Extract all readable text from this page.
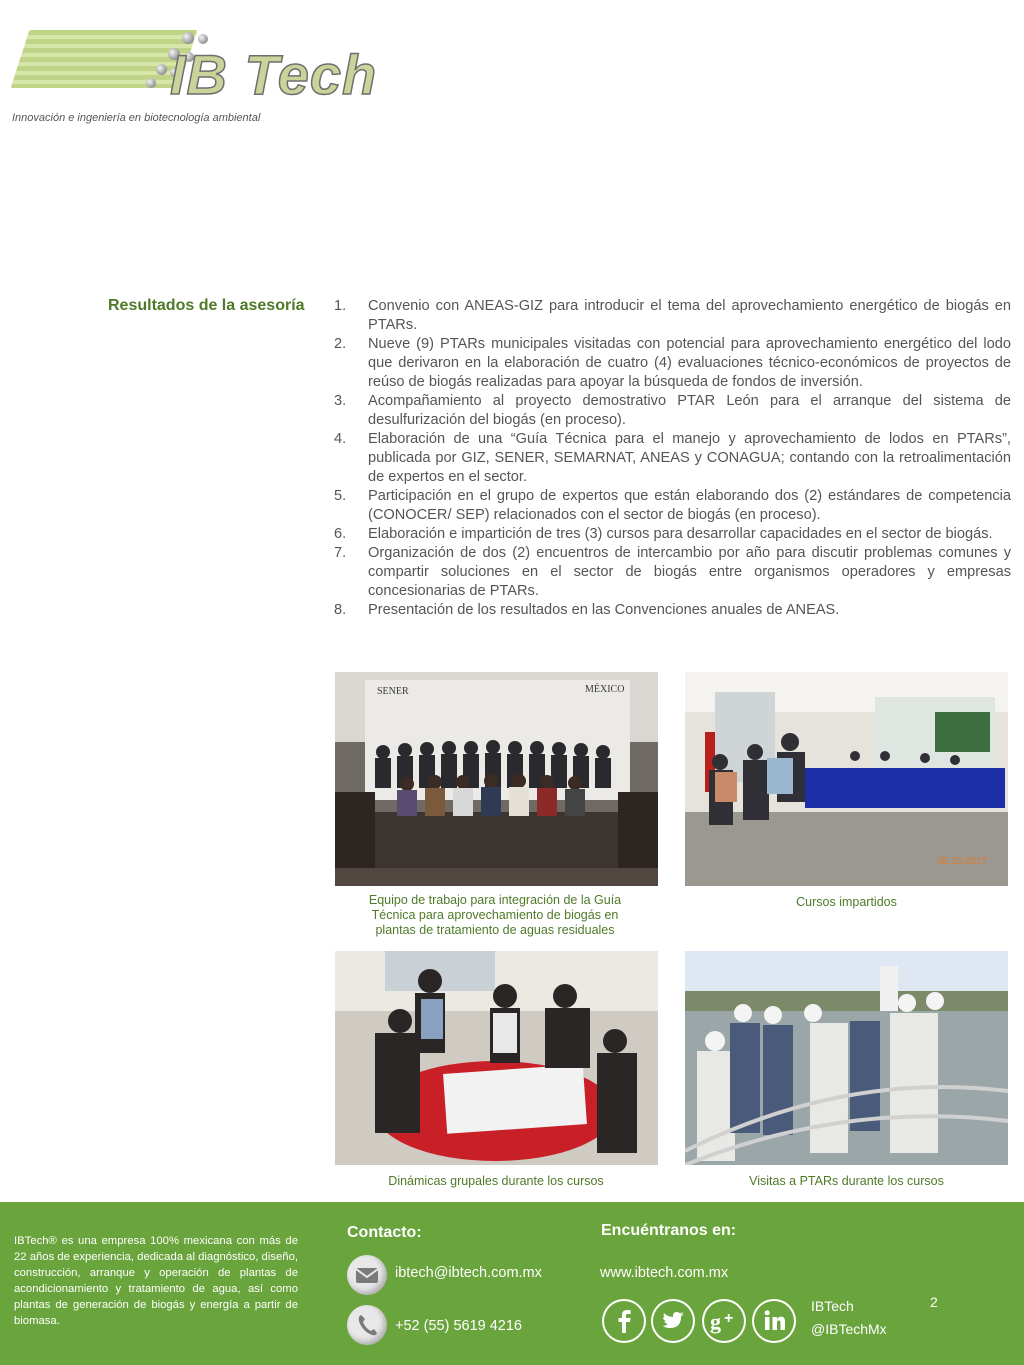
IB Tech
Innovación e ingeniería en biotecnología ambiental
Resultados de la asesoría 1. Convenio con ANEAS-GIZ para introducir el tema del aprovechamiento energético de biogás en PTARs.
2. Nueve (9) PTARs municipales visitadas con potencial para aprovechamiento energético del lodo que derivaron en la elaboración de cuatro (4) evaluaciones técnico-económicos de proyectos de reúso de biogás realizadas para apoyar la búsqueda de fondos de inversión.
3. Acompañamiento al proyecto demostrativo PTAR León para el arranque del sistema de desulfurización del biogás (en proceso).
4. Elaboración de una “Guía Técnica para el manejo y aprovechamiento de lodos en PTARs”, publicada por GIZ, SENER, SEMARNAT, ANEAS y CONAGUA; contando con la retroalimentación de expertos en el sector.
5. Participación en el grupo de expertos que están elaborando dos (2) estándares de competencia (CONOCER/ SEP) relacionados con el sector de biogás (en proceso).
6. Elaboración e impartición de tres (3) cursos para desarrollar capacidades en el sector de biogás.
7. Organización de dos (2) encuentros de intercambio por año para discutir problemas comunes y compartir soluciones en el sector de biogás entre organismos operadores y empresas concesionarias de PTARs.
8. Presentación de los resultados en las Convenciones anuales de ANEAS.
SENER	MÉXICO
Equipo de trabajo para integración de la Guía Técnica para aprovechamiento de biogás en plantas de tratamiento de aguas residuales
08.23.2017
Cursos impartidos
Dinámicas grupales durante los cursos	Visitas a PTARs durante los cursos

IBTech® es una empresa 100% mexicana con más de 22 años de experiencia, dedicada al diagnóstico, diseño, construcción, arranque y operación de plantas de acondicionamiento y tratamiento de agua, así como plantas de generación de biogás y energía a partir de biomasa.

Contacto:
ibtech@ibtech.com.mx
+52 (55) 5619 4216
Encuéntranos en:
www.ibtech.com.mx
g +
IBTech
@IBTechMx
2
